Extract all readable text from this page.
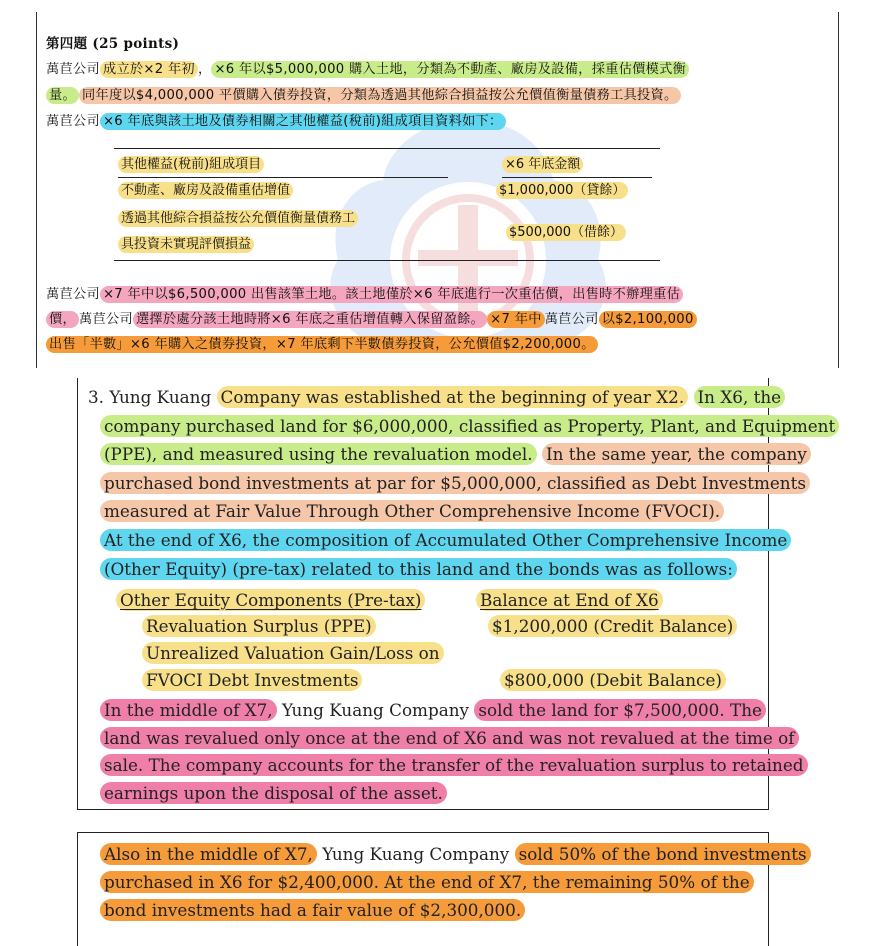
第四題 (25 points)
萬苣公司 成立於×2 年初 ， ×6 年以$5,000,000 購入土地，分類為不動產、廠房及設備，採重估價模式衡
量。 同年度以$4,000,000 平價購入債券投資，分類為透過其他綜合損益按公允價值衡量債務工具投資。
萬苣公司 ×6 年底與該土地及債券相關之其他權益(稅前)組成項目資料如下：
其他權益(稅前)組成項目	×6 年底金額
不動產、廠房及設備重估增值	$1,000,000（貸餘）
透過其他綜合損益按公允價值衡量債務工
具投資未實現評價損益
$500,000（借餘）
萬苣公司 ×7 年中以$6,500,000 出售該筆土地。該土地僅於×6 年底進行一次重估價，出售時不辦理重估
價， 萬苣公司 選擇於處分該土地時將×6 年底之重估增值轉入保留盈餘。 ×7 年中 萬苣公司 以$2,100,000
出售「半數」×6 年購入之債券投資，×7 年底剩下半數債券投資，公允價值$2,200,000。
3. Yung Kuang Company was established at the beginning of year X2. In X6, the
company purchased land for $6,000,000, classified as Property, Plant, and Equipment
(PPE), and measured using the revaluation model. In the same year, the company
purchased bond investments at par for $5,000,000, classified as Debt Investments
measured at Fair Value Through Other Comprehensive Income (FVOCI).
At the end of X6, the composition of Accumulated Other Comprehensive Income
(Other Equity) (pre-tax) related to this land and the bonds was as follows:
Other Equity Components (Pre-tax)	Balance at End of X6
Revaluation Surplus (PPE)	$1,200,000 (Credit Balance)
Unrealized Valuation Gain/Loss on
FVOCI Debt Investments	$800,000 (Debit Balance)
In the middle of X7, Yung Kuang Company sold the land for $7,500,000. The
land was revalued only once at the end of X6 and was not revalued at the time of
sale. The company accounts for the transfer of the revaluation surplus to retained
earnings upon the disposal of the asset.
Also in the middle of X7, Yung Kuang Company sold 50% of the bond investments
purchased in X6 for $2,400,000. At the end of X7, the remaining 50% of the
bond investments had a fair value of $2,300,000.
